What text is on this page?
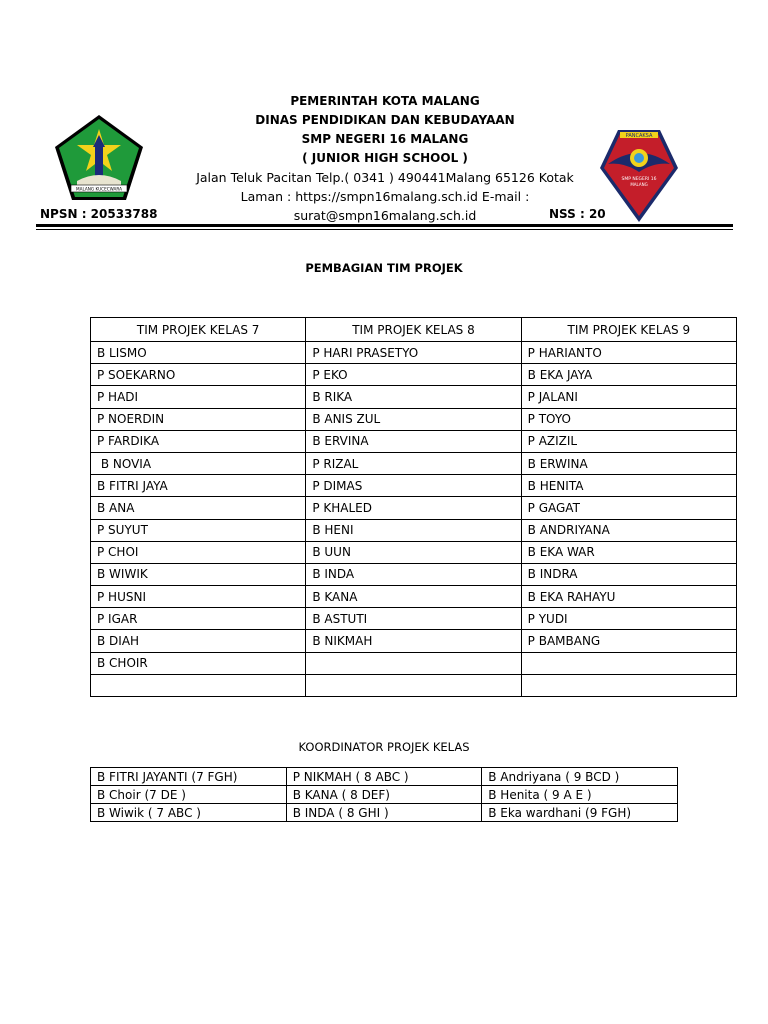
MALANG KUCECWARA
PANCAKSA
SMP NEGERI 16
MALANG
PEMERINTAH KOTA MALANG
DINAS PENDIDIKAN DAN KEBUDAYAAN
SMP NEGERI 16 MALANG
( JUNIOR HIGH SCHOOL )
Jalan Teluk Pacitan Telp.( 0341 ) 490441Malang 65126 Kotak
Laman : https://smpn16malang.sch.id E-mail : surat@smpn16malang.sch.id
NPSN : 20533788	NSS : 20
PEMBAGIAN TIM PROJEK
TIM PROJEK KELAS 7	TIM PROJEK KELAS 8	TIM PROJEK KELAS 9
B LISMO	P HARI PRASETYO	P HARIANTO
P SOEKARNO	P EKO	B EKA JAYA
P HADI	B RIKA	P JALANI
P NOERDIN	B ANIS ZUL	P TOYO
P FARDIKA	B ERVINA	P AZIZIL
B NOVIA	P RIZAL	B ERWINA
B FITRI JAYA	P DIMAS	B HENITA
B ANA	P KHALED	P GAGAT
P SUYUT	B HENI	B ANDRIYANA
P CHOI	B UUN	B EKA WAR
B WIWIK	B INDA	B INDRA
P HUSNI	B KANA	B EKA RAHAYU
P IGAR	B ASTUTI	P YUDI
B DIAH	B NIKMAH	P BAMBANG
B CHOIR		

KOORDINATOR PROJEK KELAS
B FITRI JAYANTI (7 FGH)	P NIKMAH ( 8 ABC )	B Andriyana ( 9 BCD )
B Choir (7 DE )	B KANA ( 8 DEF)	B Henita ( 9 A E )
B Wiwik ( 7 ABC )	B INDA ( 8 GHI )	B Eka wardhani (9 FGH)
